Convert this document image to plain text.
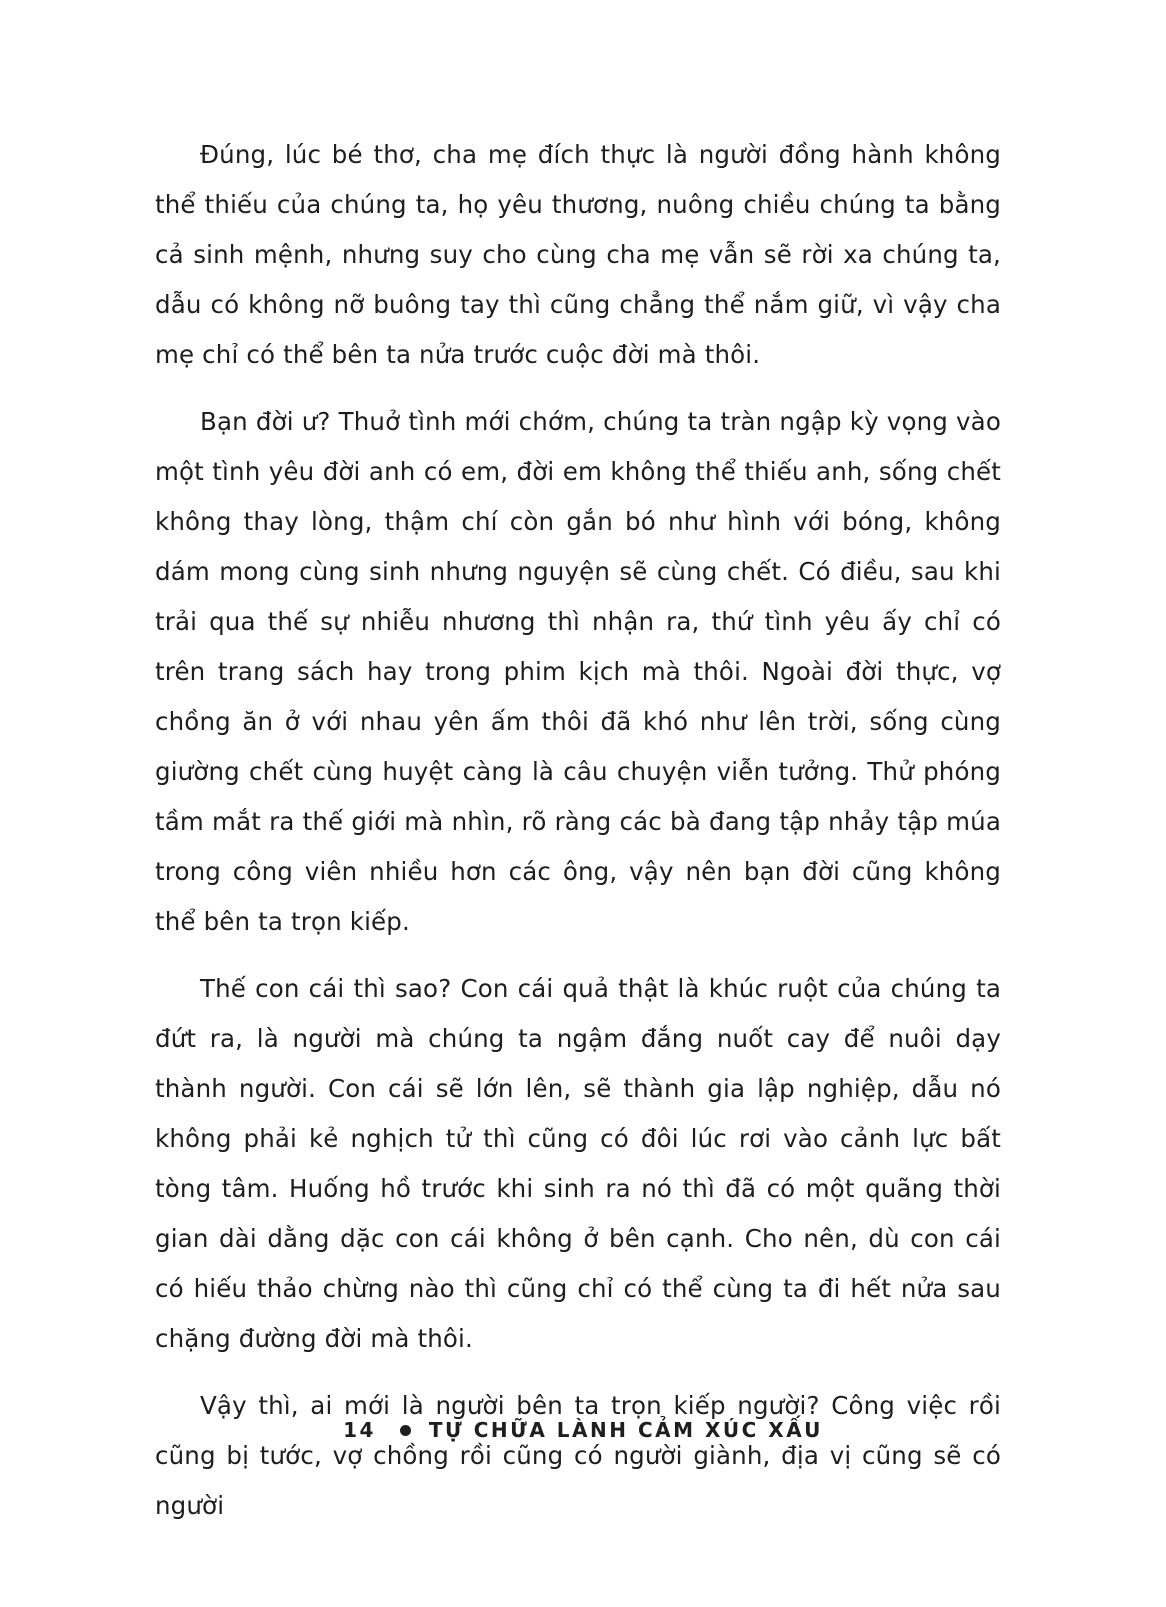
Đúng, lúc bé thơ, cha mẹ đích thực là người đồng hành không thể thiếu của chúng ta, họ yêu thương, nuông chiều chúng ta bằng cả sinh mệnh, nhưng suy cho cùng cha mẹ vẫn sẽ rời xa chúng ta, dẫu có không nỡ buông tay thì cũng chẳng thể nắm giữ, vì vậy cha mẹ chỉ có thể bên ta nửa trước cuộc đời mà thôi.

Bạn đời ư? Thuở tình mới chớm, chúng ta tràn ngập kỳ vọng vào một tình yêu đời anh có em, đời em không thể thiếu anh, sống chết không thay lòng, thậm chí còn gắn bó như hình với bóng, không dám mong cùng sinh nhưng nguyện sẽ cùng chết. Có điều, sau khi trải qua thế sự nhiễu nhương thì nhận ra, thứ tình yêu ấy chỉ có trên trang sách hay trong phim kịch mà thôi. Ngoài đời thực, vợ chồng ăn ở với nhau yên ấm thôi đã khó như lên trời, sống cùng giường chết cùng huyệt càng là câu chuyện viễn tưởng. Thử phóng tầm mắt ra thế giới mà nhìn, rõ ràng các bà đang tập nhảy tập múa trong công viên nhiều hơn các ông, vậy nên bạn đời cũng không thể bên ta trọn kiếp.

Thế con cái thì sao? Con cái quả thật là khúc ruột của chúng ta đứt ra, là người mà chúng ta ngậm đắng nuốt cay để nuôi dạy thành người. Con cái sẽ lớn lên, sẽ thành gia lập nghiệp, dẫu nó không phải kẻ nghịch tử thì cũng có đôi lúc rơi vào cảnh lực bất tòng tâm. Huống hồ trước khi sinh ra nó thì đã có một quãng thời gian dài dằng dặc con cái không ở bên cạnh. Cho nên, dù con cái có hiếu thảo chừng nào thì cũng chỉ có thể cùng ta đi hết nửa sau chặng đường đời mà thôi.

Vậy thì, ai mới là người bên ta trọn kiếp người? Công việc rồi cũng bị tước, vợ chồng rồi cũng có người giành, địa vị cũng sẽ có người

14	TỰ CHỮA LÀNH CẢM XÚC XẤU
